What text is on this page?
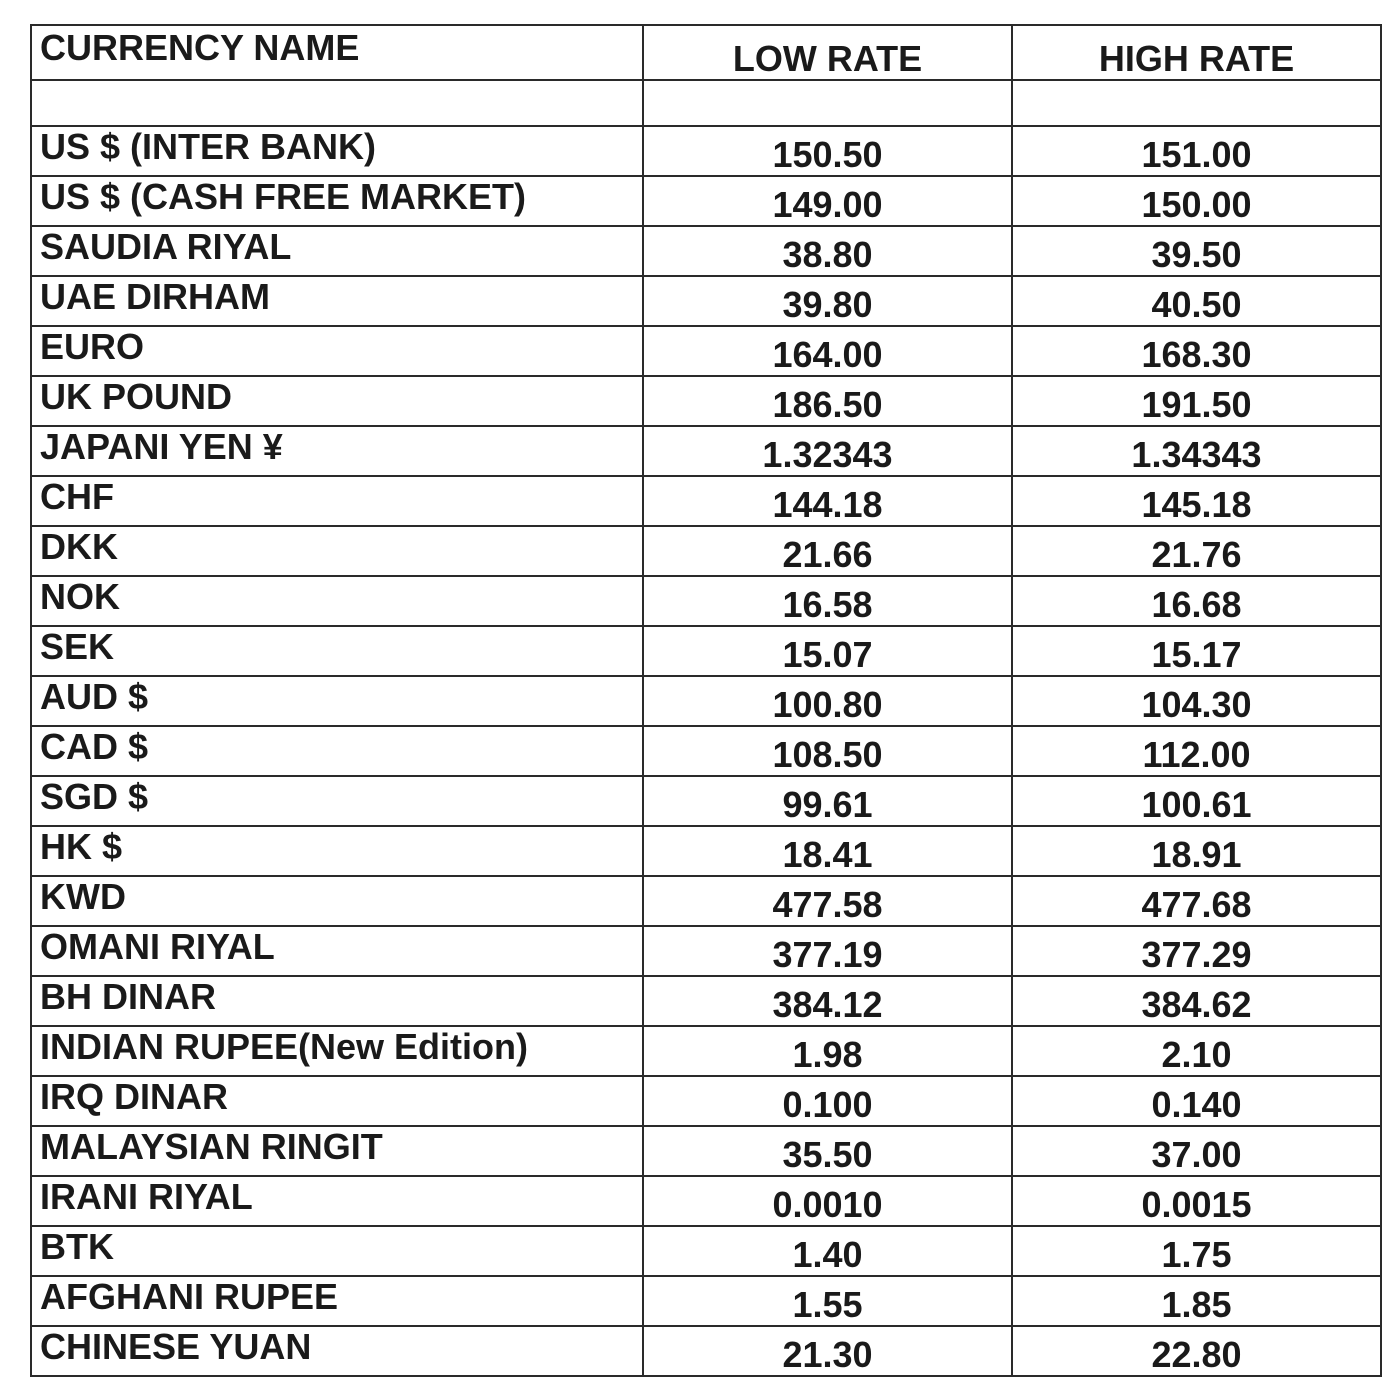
CURRENCY NAME	LOW RATE	HIGH RATE

US $ (INTER BANK)	150.50	151.00
US $ (CASH FREE MARKET)	149.00	150.00
SAUDIA RIYAL	38.80	39.50
UAE DIRHAM	39.80	40.50
EURO	164.00	168.30
UK POUND	186.50	191.50
JAPANI YEN ¥	1.32343	1.34343
CHF	144.18	145.18
DKK	21.66	21.76
NOK	16.58	16.68
SEK	15.07	15.17
AUD $	100.80	104.30
CAD $	108.50	112.00
SGD $	99.61	100.61
HK $	18.41	18.91
KWD	477.58	477.68
OMANI RIYAL	377.19	377.29
BH DINAR	384.12	384.62
INDIAN RUPEE(New Edition)	1.98	2.10
IRQ DINAR	0.100	0.140
MALAYSIAN RINGIT	35.50	37.00
IRANI RIYAL	0.0010	0.0015
BTK	1.40	1.75
AFGHANI RUPEE	1.55	1.85
CHINESE YUAN	21.30	22.80
